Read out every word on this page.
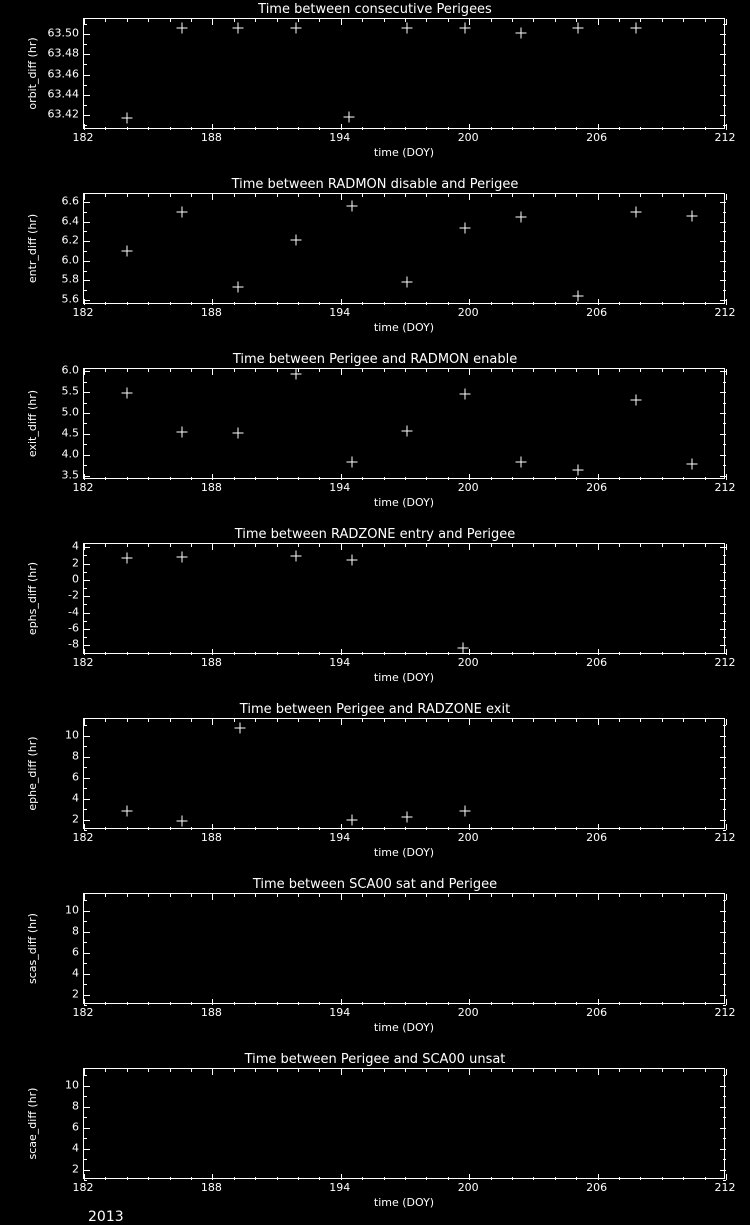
Time between consecutive Perigees
182	188	194	200	206	212
63.42
63.44
63.46
63.48
63.50
orbit_diff (hr)
time (DOY)
Time between RADMON disable and Perigee
182	188	194	200	206	212
5.6
5.8
6.0
6.2
6.4
6.6
entr_diff (hr)
time (DOY)
Time between Perigee and RADMON enable
182	188	194	200	206	212
3.5
4.0
4.5
5.0
5.5
6.0
exit_diff (hr)
time (DOY)
Time between RADZONE entry and Perigee
182	188	194	200	206	212
-8
-6
-4
-2
0
2
4
ephs_diff (hr)
time (DOY)
Time between Perigee and RADZONE exit
182	188	194	200	206	212
2
4
6
8
10
ephe_diff (hr)
time (DOY)
Time between SCA00 sat and Perigee
182	188	194	200	206	212
2
4
6
8
10
scas_diff (hr)
time (DOY)
Time between Perigee and SCA00 unsat
182	188	194	200	206	212
2
4
6
8
10
scae_diff (hr)
time (DOY)
2013
